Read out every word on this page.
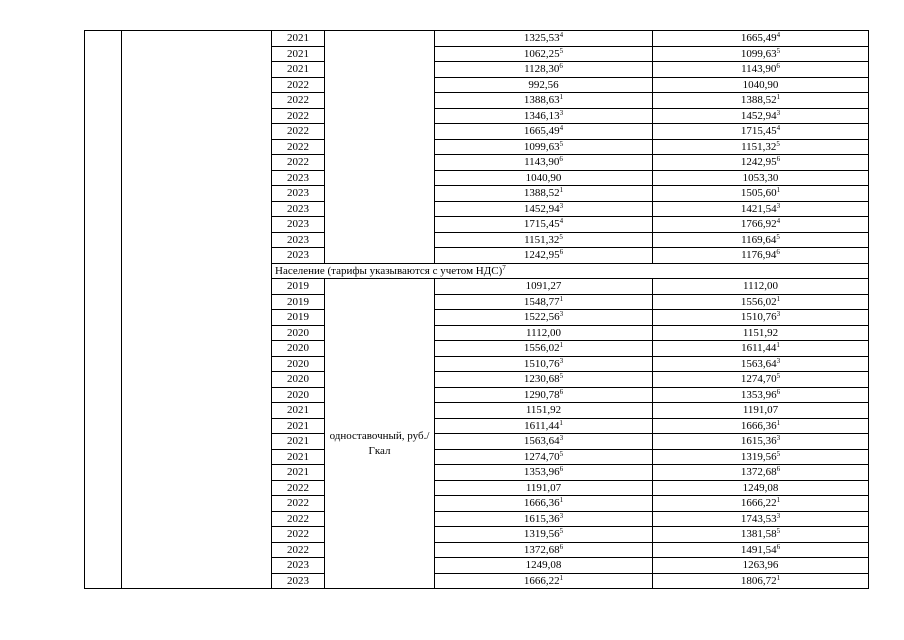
		2021		1325,53$^4$	1665,49$^4$
		2021		1062,25$^5$	1099,63$^5$
		2021		1128,30$^6$	1143,90$^6$
		2022		992,56	1040,90
		2022		1388,63$^1$	1388,52$^1$
		2022		1346,13$^3$	1452,94$^3$
		2022		1665,49$^4$	1715,45$^4$
		2022		1099,63$^5$	1151,32$^5$
		2022		1143,90$^6$	1242,95$^6$
		2023		1040,90	1053,30
		2023		1388,52$^1$	1505,60$^1$
		2023		1452,94$^3$	1421,54$^3$
		2023		1715,45$^4$	1766,92$^4$
		2023		1151,32$^5$	1169,64$^5$
		2023		1242,95$^6$	1176,94$^6$
		Население (тарифы указываются с учетом НДС)$^7$
		2019	одноставочный, руб./Гкал	1091,27	1112,00
		2019		1548,77$^1$	1556,02$^1$
		2019		1522,56$^3$	1510,76$^3$
		2020		1112,00	1151,92
		2020		1556,02$^1$	1611,44$^1$
		2020		1510,76$^3$	1563,64$^3$
		2020		1230,68$^5$	1274,70$^5$
		2020		1290,78$^6$	1353,96$^6$
		2021		1151,92	1191,07
		2021		1611,44$^1$	1666,36$^1$
		2021		1563,64$^3$	1615,36$^3$
		2021		1274,70$^5$	1319,56$^5$
		2021		1353,96$^6$	1372,68$^6$
		2022		1191,07	1249,08
		2022		1666,36$^1$	1666,22$^1$
		2022		1615,36$^3$	1743,53$^3$
		2022		1319,56$^5$	1381,58$^5$
		2022		1372,68$^6$	1491,54$^6$
		2023		1249,08	1263,96
		2023		1666,22$^1$	1806,72$^1$
